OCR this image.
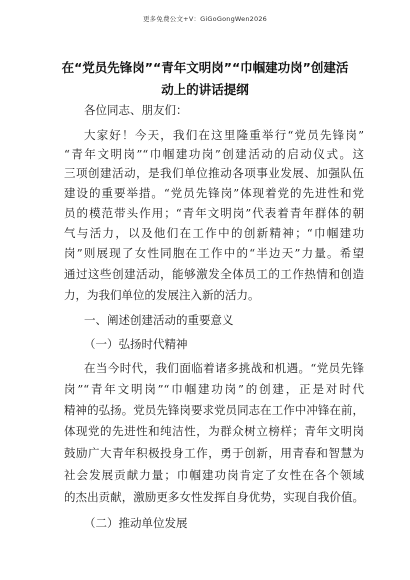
更多免费公文+V：GiGoGongWen2026
在“党员先锋岗”“青年文明岗”“巾帼建功岗”创建活
动上的讲话提纲
各位同志、朋友们：
大家好！今天，我们在这里隆重举行“党员先锋岗”
“青年文明岗”“巾帼建功岗”创建活动的启动仪式。这
三项创建活动，是我们单位推动各项事业发展、加强队伍
建设的重要举措。“党员先锋岗”体现着党的先进性和党
员的模范带头作用；“青年文明岗”代表着青年群体的朝
气与活力，以及他们在工作中的创新精神；“巾帼建功
岗”则展现了女性同胞在工作中的“半边天”力量。希望
通过这些创建活动，能够激发全体员工的工作热情和创造
力，为我们单位的发展注入新的活力。
一、阐述创建活动的重要意义
（一）弘扬时代精神
在当今时代，我们面临着诸多挑战和机遇。“党员先锋
岗”“青年文明岗”“巾帼建功岗”的创建，正是对时代
精神的弘扬。党员先锋岗要求党员同志在工作中冲锋在前，
体现党的先进性和纯洁性，为群众树立榜样；青年文明岗
鼓励广大青年积极投身工作，勇于创新，用青春和智慧为
社会发展贡献力量；巾帼建功岗肯定了女性在各个领域
的杰出贡献，激励更多女性发挥自身优势，实现自我价值。
（二）推动单位发展
